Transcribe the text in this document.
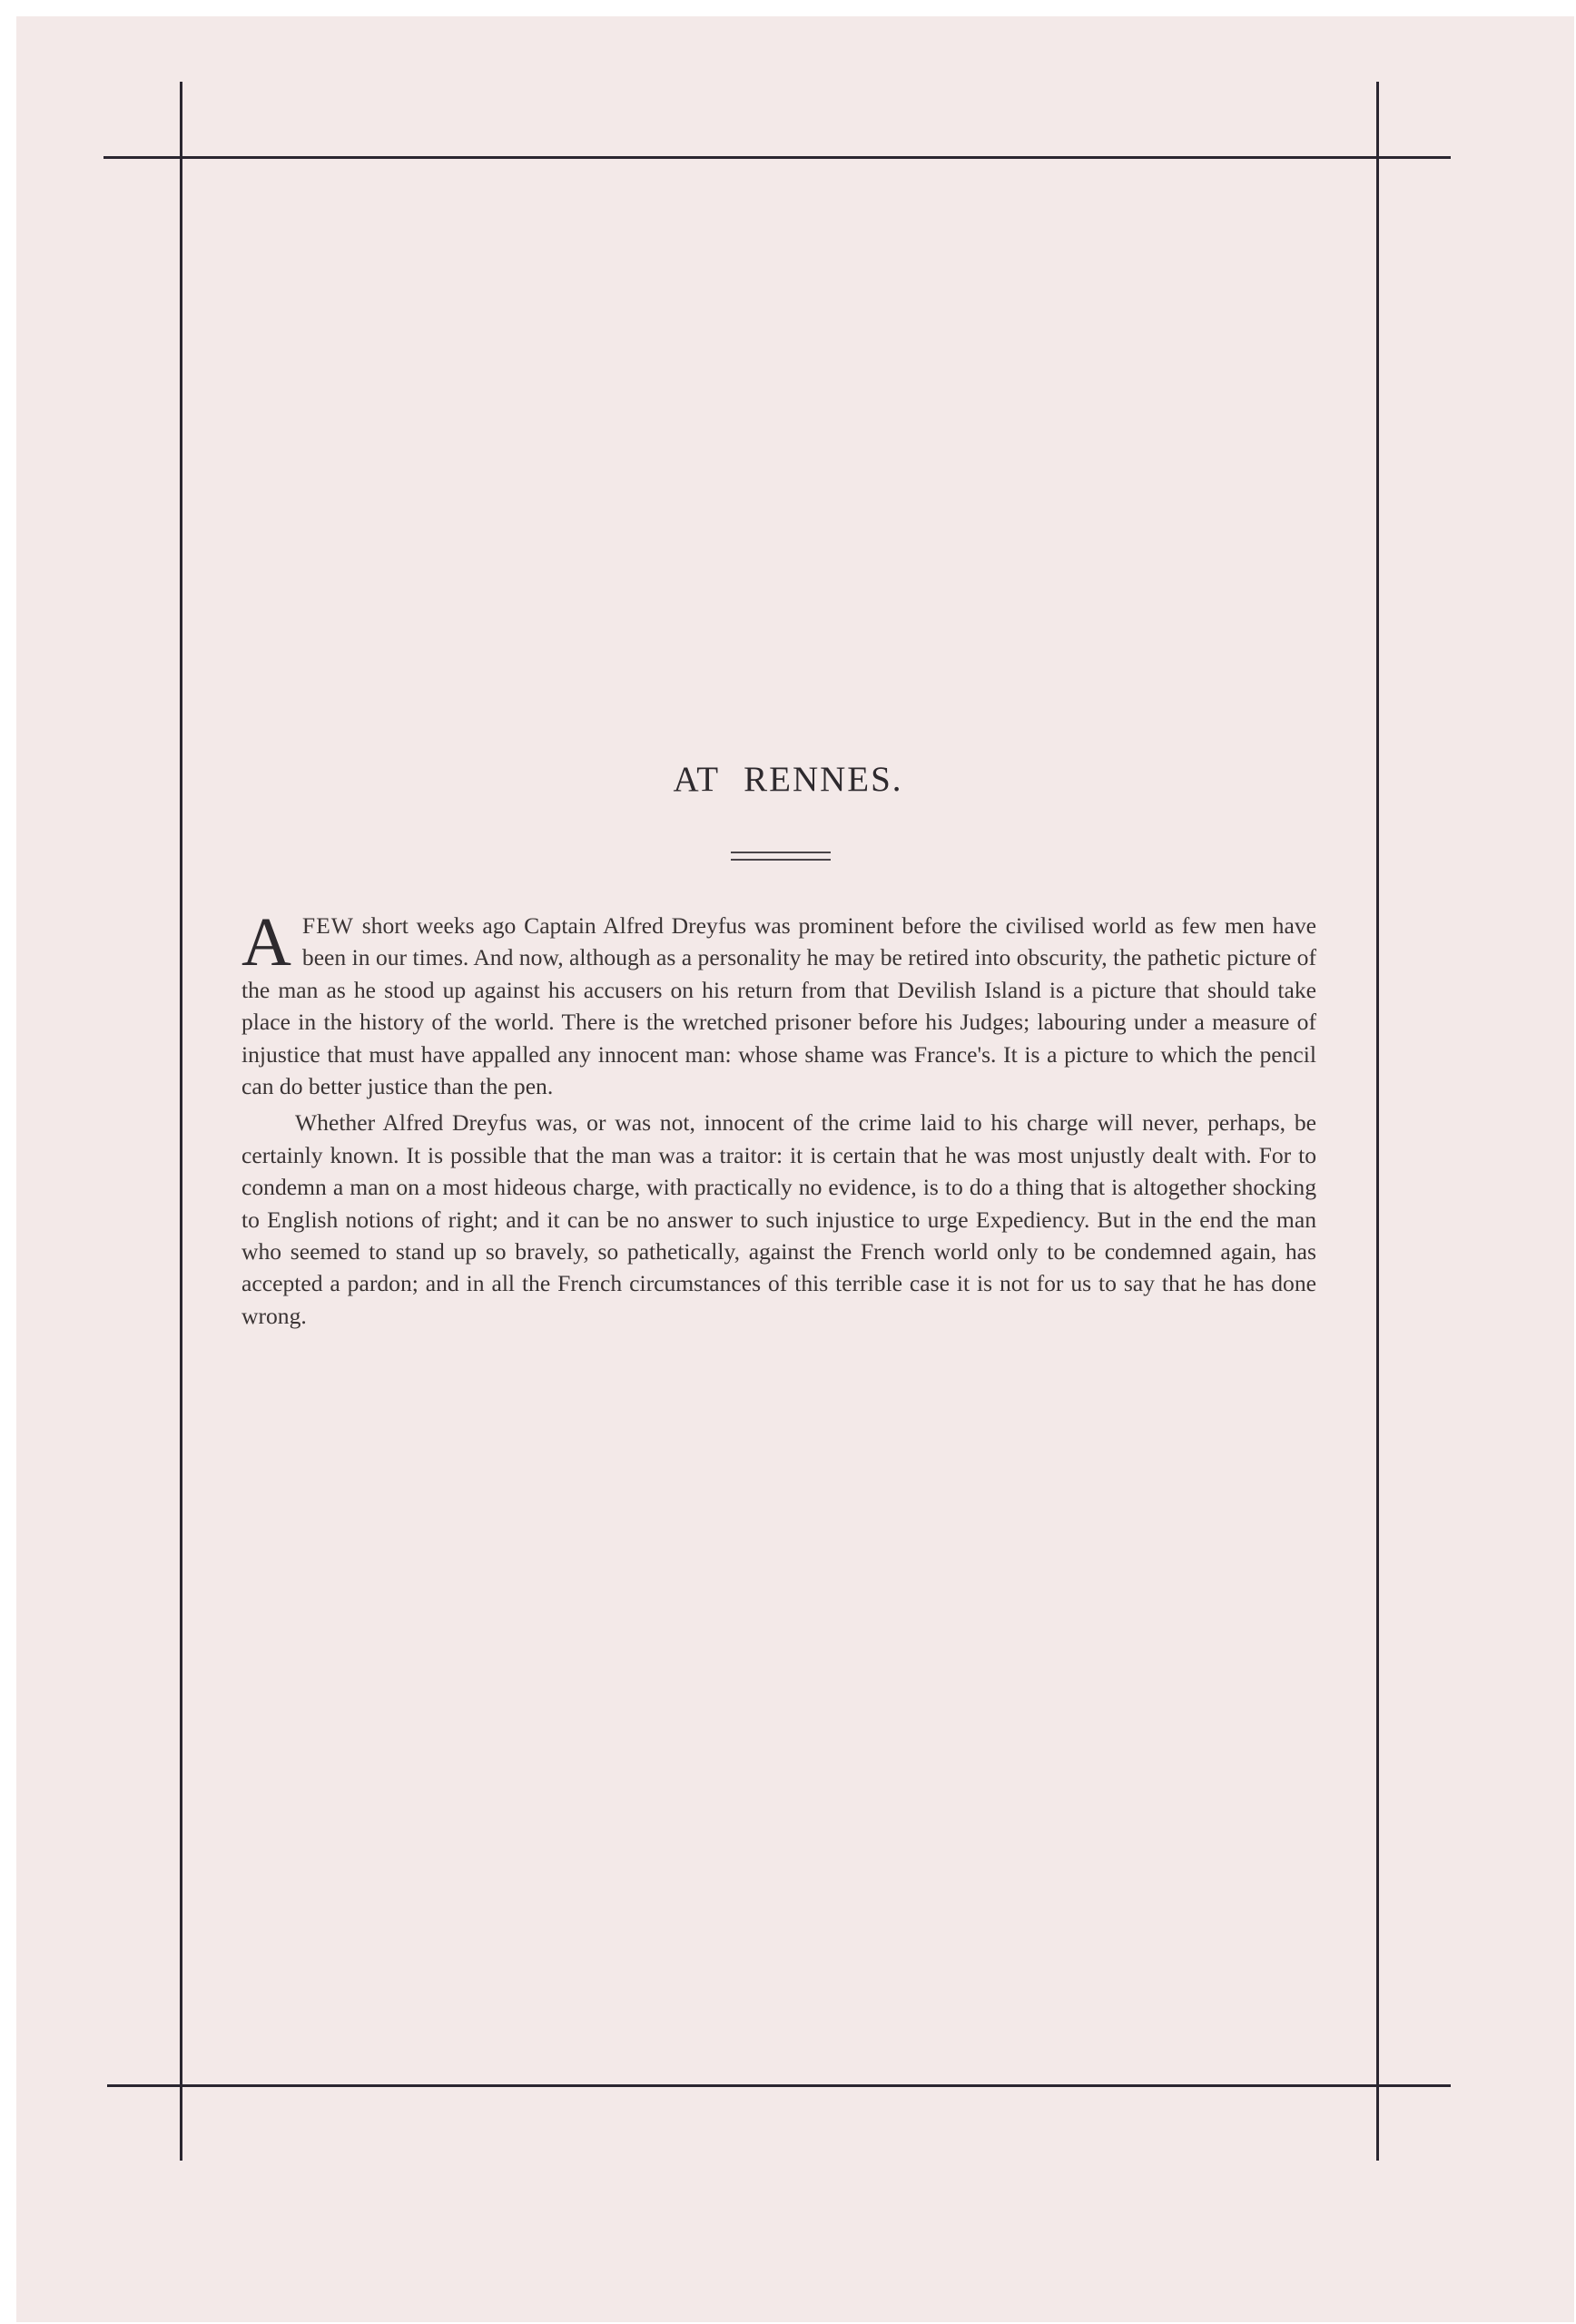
AT RENNES.

AFEW short weeks ago Captain Alfred Dreyfus was prominent before the civilised world as few men have been in our times. And now, although as a personality he may be retired into obscurity, the pathetic picture of the man as he stood up against his accusers on his return from that Devilish Island is a picture that should take place in the history of the world. There is the wretched prisoner before his Judges; labouring under a measure of injustice that must have appalled any innocent man: whose shame was France's. It is a picture to which the pencil can do better justice than the pen.

Whether Alfred Dreyfus was, or was not, innocent of the crime laid to his charge will never, perhaps, be certainly known. It is possible that the man was a traitor: it is certain that he was most unjustly dealt with. For to condemn a man on a most hideous charge, with practically no evidence, is to do a thing that is altogether shocking to English notions of right; and it can be no answer to such injustice to urge Expediency. But in the end the man who seemed to stand up so bravely, so pathetically, against the French world only to be condemned again, has accepted a pardon; and in all the French circumstances of this terrible case it is not for us to say that he has done wrong.
